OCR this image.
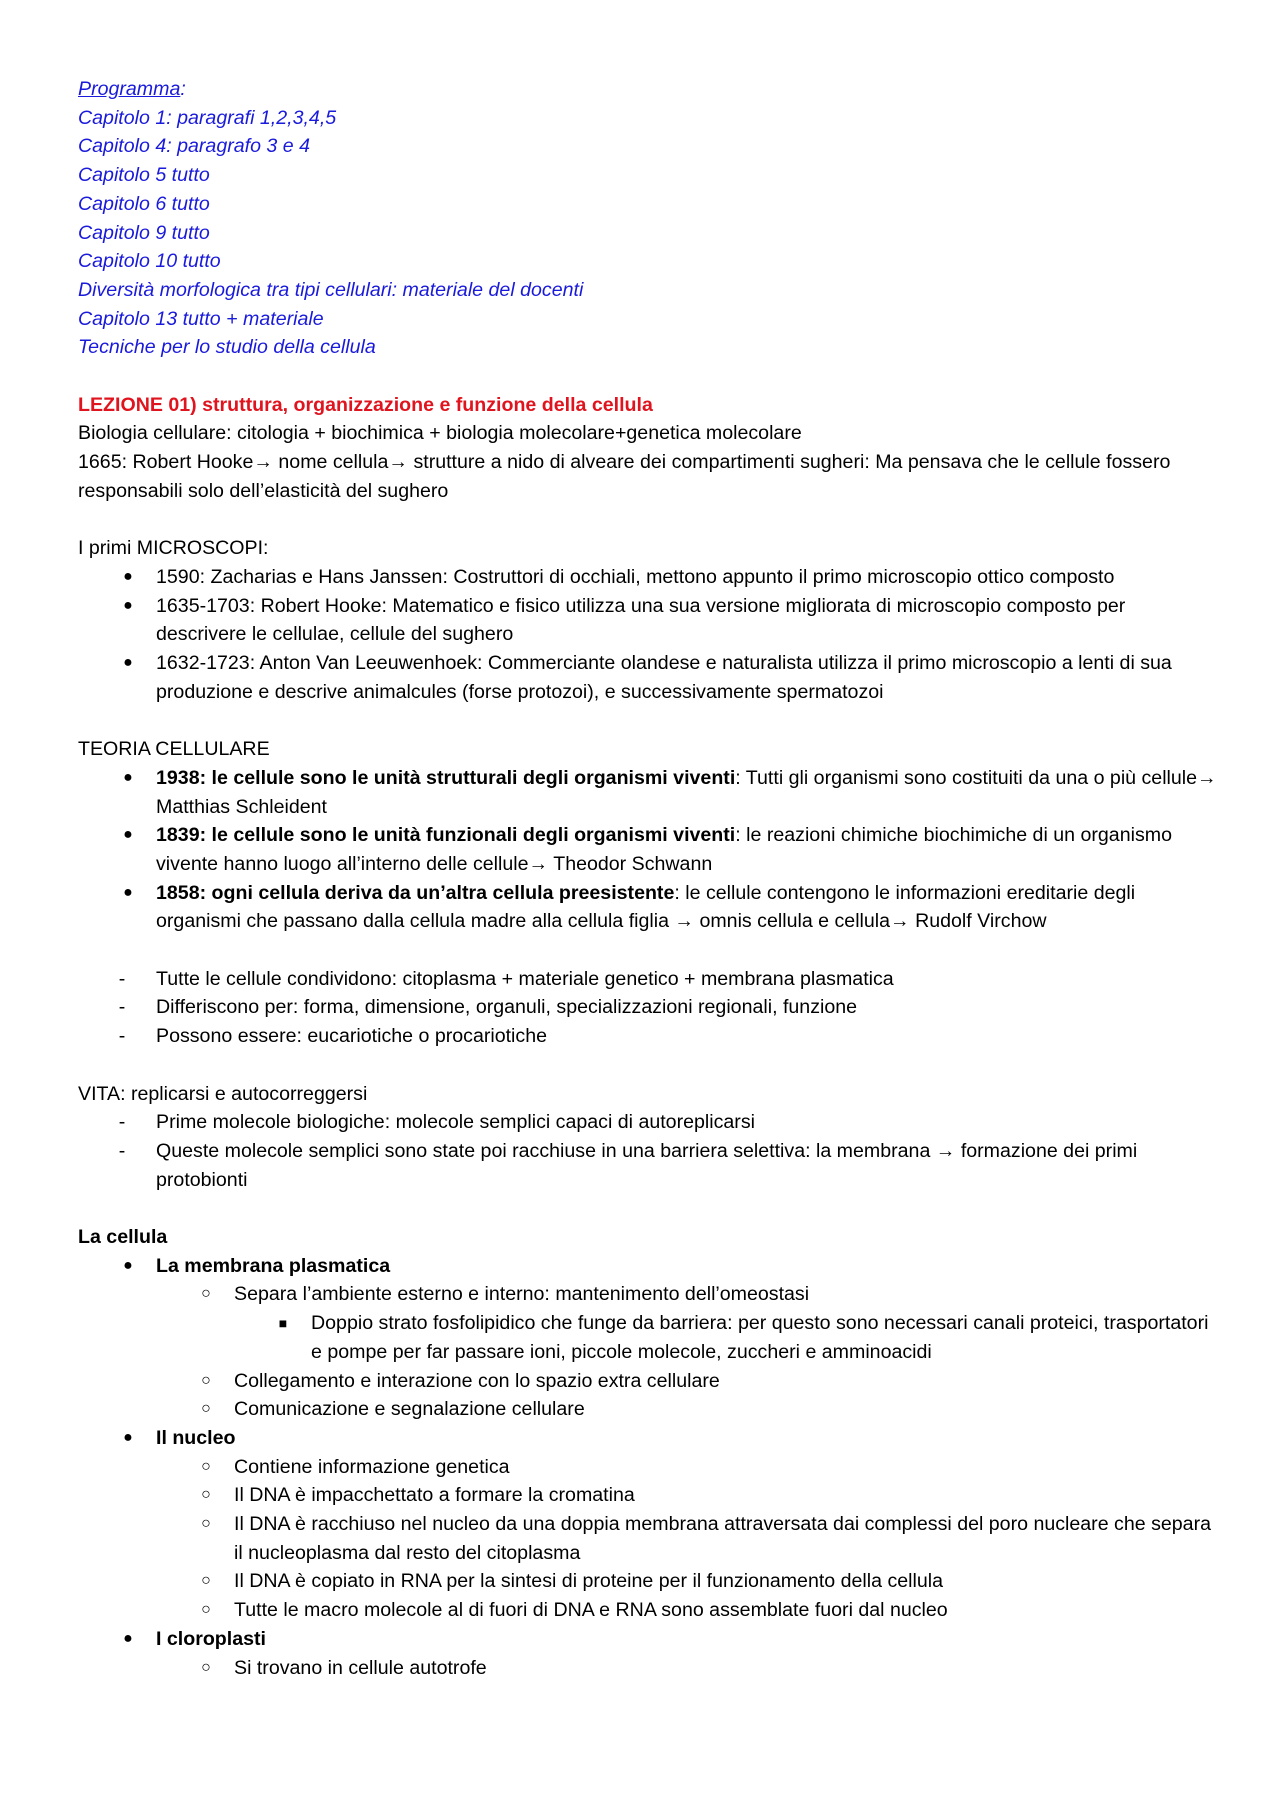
Programma:
Capitolo 1: paragrafi 1,2,3,4,5
Capitolo 4: paragrafo 3 e 4
Capitolo 5 tutto
Capitolo 6 tutto
Capitolo 9 tutto
Capitolo 10 tutto
Diversità morfologica tra tipi cellulari: materiale del docenti
Capitolo 13 tutto + materiale
Tecniche per lo studio della cellula
LEZIONE 01) struttura, organizzazione e funzione della cellula
Biologia cellulare: citologia + biochimica + biologia molecolare+genetica molecolare
1665: Robert Hooke→ nome cellula→ strutture a nido di alveare dei compartimenti sugheri: Ma pensava che le cellule fossero responsabili solo dell’elasticità del sughero
I primi MICROSCOPI:
● 1590: Zacharias e Hans Janssen: Costruttori di occhiali, mettono appunto il primo microscopio ottico composto
● 1635-1703: Robert Hooke: Matematico e fisico utilizza una sua versione migliorata di microscopio composto per descrivere le cellulae, cellule del sughero
● 1632-1723: Anton Van Leeuwenhoek: Commerciante olandese e naturalista utilizza il primo microscopio a lenti di sua produzione e descrive animalcules (forse protozoi), e successivamente spermatozoi
TEORIA CELLULARE
● 1938: le cellule sono le unità strutturali degli organismi viventi: Tutti gli organismi sono costituiti da una o più cellule→ Matthias Schleident
● 1839: le cellule sono le unità funzionali degli organismi viventi: le reazioni chimiche biochimiche di un organismo vivente hanno luogo all’interno delle cellule→ Theodor Schwann
● 1858: ogni cellula deriva da un’altra cellula preesistente: le cellule contengono le informazioni ereditarie degli organismi che passano dalla cellula madre alla cellula figlia → omnis cellula e cellula→ Rudolf Virchow
-	Tutte le cellule condividono: citoplasma + materiale genetico + membrana plasmatica
-	Differiscono per: forma, dimensione, organuli, specializzazioni regionali, funzione
-	Possono essere: eucariotiche o procariotiche
VITA: replicarsi e autocorreggersi
-	Prime molecole biologiche: molecole semplici capaci di autoreplicarsi
-	Queste molecole semplici sono state poi racchiuse in una barriera selettiva: la membrana → formazione dei primi protobionti
La cellula
● La membrana plasmatica
○ Separa l’ambiente esterno e interno: mantenimento dell’omeostasi
■ Doppio strato fosfolipidico che funge da barriera: per questo sono necessari canali proteici, trasportatori e pompe per far passare ioni, piccole molecole, zuccheri e amminoacidi
○ Collegamento e interazione con lo spazio extra cellulare
○ Comunicazione e segnalazione cellulare
● Il nucleo
○ Contiene informazione genetica
○ Il DNA è impacchettato a formare la cromatina
○ Il DNA è racchiuso nel nucleo da una doppia membrana attraversata dai complessi del poro nucleare che separa il nucleoplasma dal resto del citoplasma
○ Il DNA è copiato in RNA per la sintesi di proteine per il funzionamento della cellula
○ Tutte le macro molecole al di fuori di DNA e RNA sono assemblate fuori dal nucleo
● I cloroplasti
○ Si trovano in cellule autotrofe
